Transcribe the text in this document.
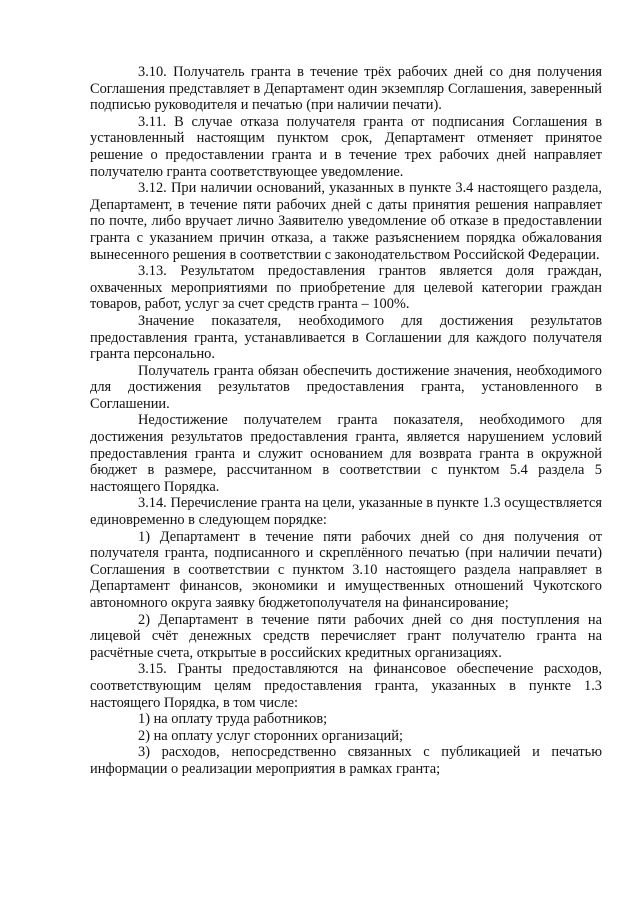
3.10. Получатель гранта в течение трёх рабочих дней со дня получения Соглашения представляет в Департамент один экземпляр Соглашения, заверенный подписью руководителя и печатью (при наличии печати).

3.11. В случае отказа получателя гранта от подписания Соглашения в установленный настоящим пунктом срок, Департамент отменяет принятое решение о предоставлении гранта и в течение трех рабочих дней направляет получателю гранта соответствующее уведомление.

3.12. При наличии оснований, указанных в пункте 3.4 настоящего раздела, Департамент, в течение пяти рабочих дней с даты принятия решения направляет по почте, либо вручает лично Заявителю уведомление об отказе в предоставлении гранта с указанием причин отказа, а также разъяснением порядка обжалования вынесенного решения в соответствии с законодательством Российской Федерации.

3.13. Результатом предоставления грантов является доля граждан, охваченных мероприятиями по приобретение для целевой категории граждан товаров, работ, услуг за счет средств гранта – 100%.

Значение показателя, необходимого для достижения результатов предоставления гранта, устанавливается в Соглашении для каждого получателя гранта персонально.

Получатель гранта обязан обеспечить достижение значения, необходимого для достижения результатов предоставления гранта, установленного в Соглашении.

Недостижение получателем гранта показателя, необходимого для достижения результатов предоставления гранта, является нарушением условий предоставления гранта и служит основанием для возврата гранта в окружной бюджет в размере, рассчитанном в соответствии с пунктом 5.4 раздела 5 настоящего Порядка.

3.14. Перечисление гранта на цели, указанные в пункте 1.3 осуществляется единовременно в следующем порядке:

1) Департамент в течение пяти рабочих дней со дня получения от получателя гранта, подписанного и скреплённого печатью (при наличии печати) Соглашения в соответствии с пунктом 3.10 настоящего раздела направляет в Департамент финансов, экономики и имущественных отношений Чукотского автономного округа заявку бюджетополучателя на финансирование;

2) Департамент в течение пяти рабочих дней со дня поступления на лицевой счёт денежных средств перечисляет грант получателю гранта на расчётные счета, открытые в российских кредитных организациях.

3.15. Гранты предоставляются на финансовое обеспечение расходов, соответствующим целям предоставления гранта, указанных в пункте 1.3 настоящего Порядка, в том числе:

1) на оплату труда работников;

2) на оплату услуг сторонних организаций;

3) расходов, непосредственно связанных с публикацией и печатью информации о реализации мероприятия в рамках гранта;
